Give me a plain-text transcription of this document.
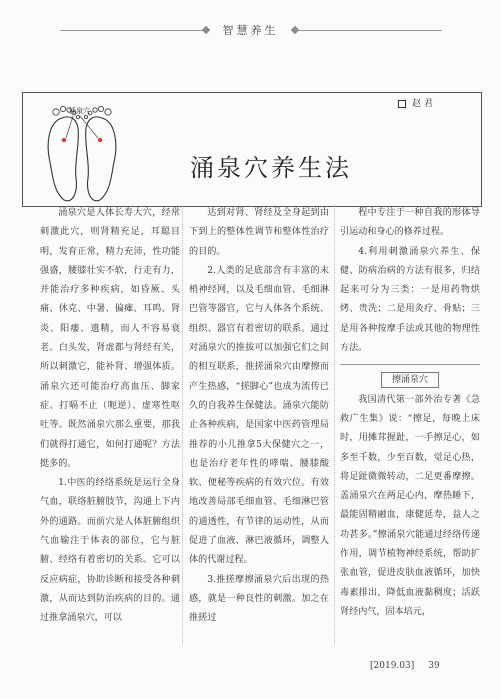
智慧养生
涌泉穴
赵 君
涌泉穴养生法

涌泉穴是人体长寿大穴，经常刺激此穴，则肾精充足，耳聪目明，发育正常，精力充沛，性功能强盛，腰膝壮实不软，行走有力，并能治疗多种疾病，如昏厥、头痛、休克、中暑、偏瘫、耳鸣、肾炎、阳痿、遗精，而人不容易衰老。白头发，肾虚都与肾经有关，所以刺激它，能补肾、增强体质。涌泉穴还可能治疗高血压、脚家症、打嗝不止（呃逆）、虚寒性呕吐等。既然涌泉穴那么重要，那我们就得打通它，如何打通呢？方法挺多的。

1.中医的经络系统是运行全身气血，联络脏腑肢节，沟通上下内外的通路。而前穴是人体脏腑组织气血输注于体表的部位，它与脏腑、经络有着密切的关系。它可以反应病症，协助诊断和接受各种刺激，从而达到防治疾病的目的。通过推拿涌泉穴，可以

达到对肾、肾经及全身起到由下到上的整体性调节和整体性治疗的目的。

2.人类的足底部含有丰富的末梢神经网，以及毛细血管、毛细淋巴管等器官，它与人体各个系统、组织、器官有着密切的联系。通过对涌泉穴的推拔可以加强它们之间的相互联系，推搓涌泉穴由摩擦而产生热感，“搓脚心”也成为流传已久的自我养生保健法。涌泉穴能防止各种疾病，是国家中医药管理局推荐的小儿推拿5大保健穴之一，也是治疗老年性的哮喘、腰膝酸软、便秘等疾病的有效穴位。有效地改善局部毛细血管、毛细淋巴管的通透性，有节律的运动性，从而促进了血液、淋巴液循环，调整人体的代谢过程。

3.推搓摩擦涌泉穴后出现的热感，就是一种良性的刺激。加之在推搓过

程中专注于一种自我的形体导引运动和身心的修养过程。

4.利用刺激涌泉穴养生、保健、防病治病的方法有很多，归结起来可分为三类：一是用药物烘烤、贵洗；二是用灸疗、骨贴；三是用各种按摩手法或其他的物理性方法。

擦涌泉穴

我国清代第一部外治专著《急救广生集》说：“擦足，每晚上床时，用摊茸握趾，一手擦足心，如多至千数，少至百数，觉足心热，将足趾微微转动，二足更番摩擦。盖涌泉穴在两足心内，摩热睡下，最能固精融血，康健延寿，益人之功甚多。”擦涌泉穴能通过经络传递作用，调节植物神经系统，帮助扩张血管，促进皮肤血液循环，加快毒素排出，降低血液黏稠度；活跃肾经内气，固本培元，

[2019.03] 39
